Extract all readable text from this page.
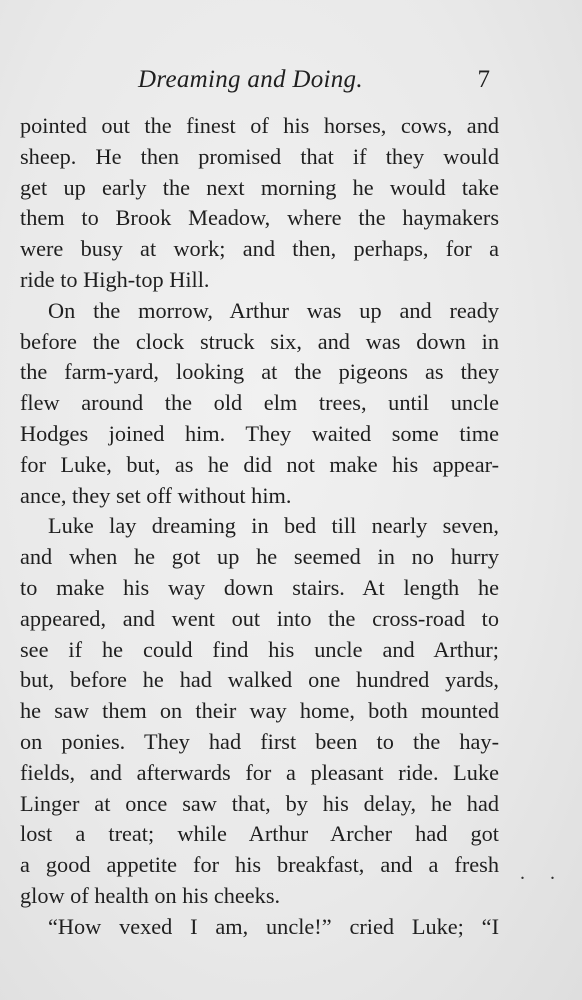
Dreaming and Doing.	7
pointed out the finest of his horses, cows, and
sheep. He then promised that if they would
get up early the next morning he would take
them to Brook Meadow, where the haymakers
were busy at work; and then, perhaps, for a
ride to High-top Hill.
On the morrow, Arthur was up and ready
before the clock struck six, and was down in
the farm-yard, looking at the pigeons as they
flew around the old elm trees, until uncle
Hodges joined him. They waited some time
for Luke, but, as he did not make his appear-
ance, they set off without him.
Luke lay dreaming in bed till nearly seven,
and when he got up he seemed in no hurry
to make his way down stairs. At length he
appeared, and went out into the cross-road to
see if he could find his uncle and Arthur;
but, before he had walked one hundred yards,
he saw them on their way home, both mounted
on ponies. They had first been to the hay-
fields, and afterwards for a pleasant ride. Luke
Linger at once saw that, by his delay, he had
lost a treat; while Arthur Archer had got
a good appetite for his breakfast, and a fresh
glow of health on his cheeks.
“How vexed I am, uncle!” cried Luke; “I
. .
